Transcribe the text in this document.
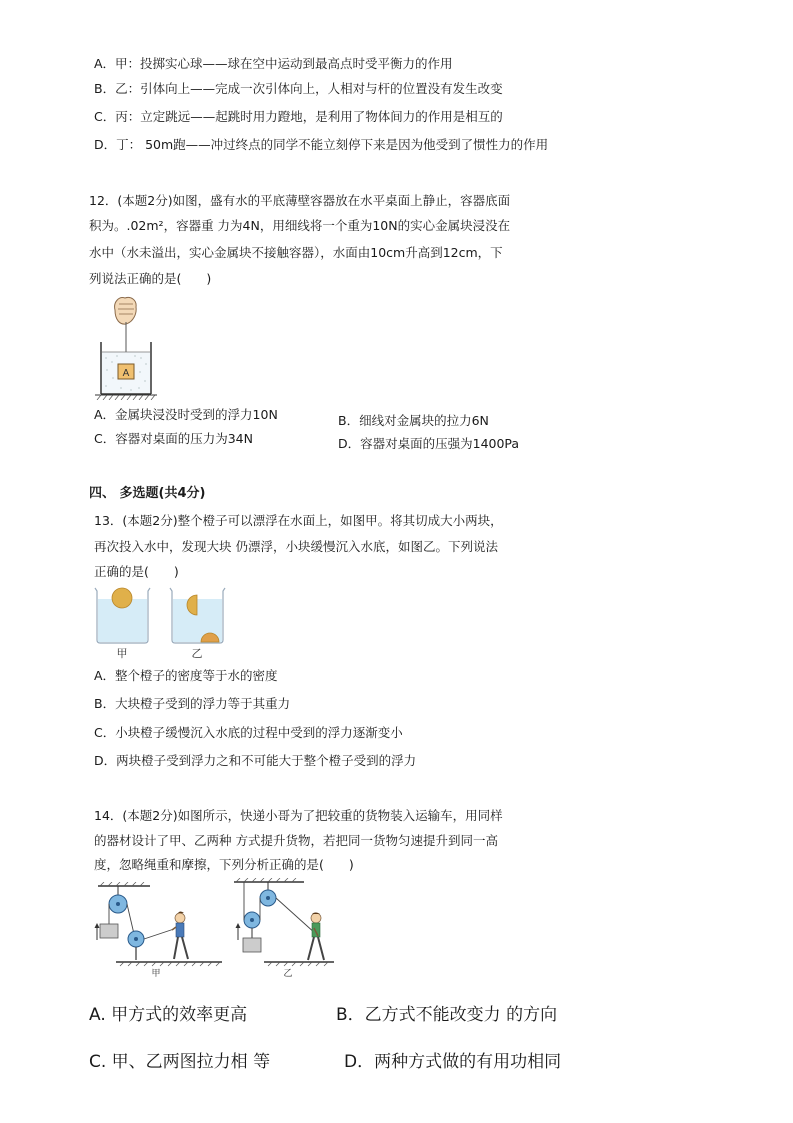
A．甲：投掷实心球——球在空中运动到最高点时受平衡力的作用
B．乙：引体向上——完成一次引体向上，人相对与杆的位置没有发生改变
C．丙：立定跳远——起跳时用力蹬地，是利用了物体间力的作用是相互的
D．丁： 50m跑——冲过终点的同学不能立刻停下来是因为他受到了惯性力的作用
12．(本题2分)如图，盛有水的平底薄壁容器放在水平桌面上静止，容器底面
积为。.02m²，容器重 力为4N，用细线将一个重为10N的实心金属块浸没在
水中（水未溢出，实心金属块不接触容器），水面由10cm升高到12cm，下
列说法正确的是(　　)
A
A．金属块浸没时受到的浮力10N	B．细线对金属块的拉力6N
C．容器对桌面的压力为34N	D．容器对桌面的压强为1400Pa
四、 多选题(共4分)
13．(本题2分)整个橙子可以漂浮在水面上，如图甲。将其切成大小两块，
再次投入水中，发现大块 仍漂浮，小块缓慢沉入水底，如图乙。下列说法
正确的是(　　)
甲	乙
A．整个橙子的密度等于水的密度
B．大块橙子受到的浮力等于其重力
C．小块橙子缓慢沉入水底的过程中受到的浮力逐渐变小
D．两块橙子受到浮力之和不可能大于整个橙子受到的浮力
14．(本题2分)如图所示，快递小哥为了把较重的货物装入运输车，用同样
的器材设计了甲、乙两种 方式提升货物，若把同一货物匀速提升到同一高
度，忽略绳重和摩擦，下列分析正确的是(　　)
甲	乙
A. 甲方式的效率更高	B．乙方式不能改变力 的方向
C. 甲、乙两图拉力相 等	D．两种方式做的有用功相同
